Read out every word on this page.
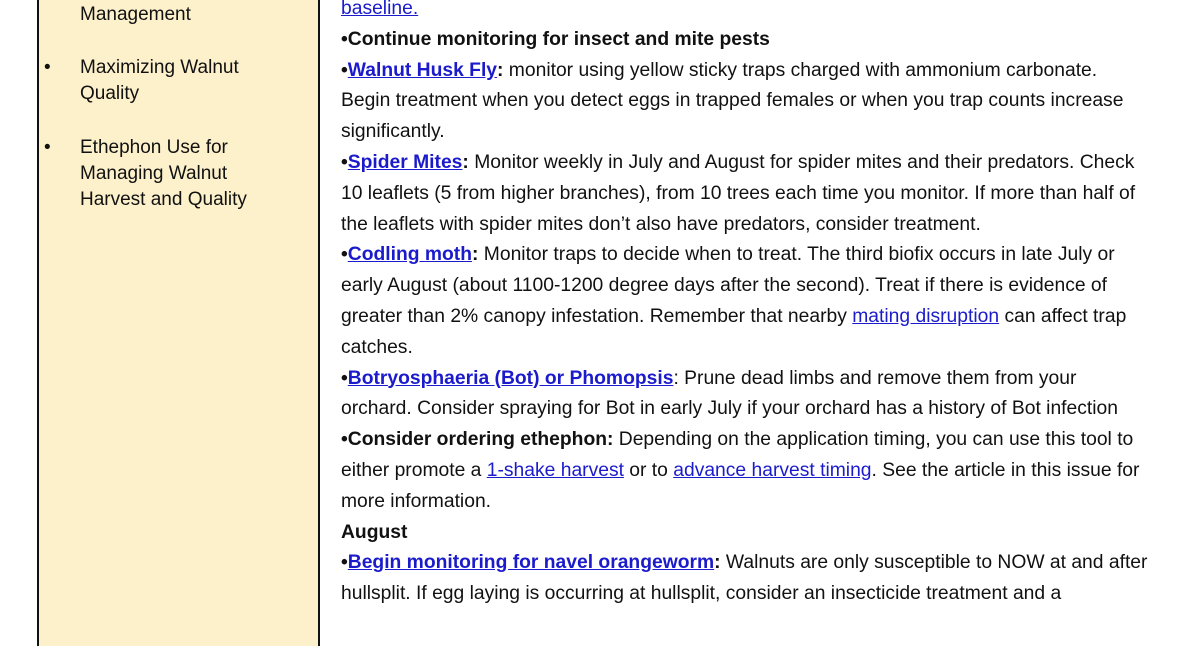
Management
• Maximizing Walnut Quality
• Ethephon Use for Managing Walnut Harvest and Quality

baseline.

•Continue monitoring for insect and mite pests

•Walnut Husk Fly: monitor using yellow sticky traps charged with ammonium carbonate. Begin treatment when you detect eggs in trapped females or when you trap counts increase significantly.

•Spider Mites: Monitor weekly in July and August for spider mites and their predators. Check 10 leaflets (5 from higher branches), from 10 trees each time you monitor. If more than half of the leaflets with spider mites don’t also have predators, consider treatment.

•Codling moth: Monitor traps to decide when to treat. The third biofix occurs in late July or early August (about 1100-1200 degree days after the second). Treat if there is evidence of greater than 2% canopy infestation. Remember that nearby mating disruption can affect trap catches.

•Botryosphaeria (Bot) or Phomopsis: Prune dead limbs and remove them from your orchard. Consider spraying for Bot in early July if your orchard has a history of Bot infection

•Consider ordering ethephon: Depending on the application timing, you can use this tool to either promote a 1-shake harvest or to advance harvest timing. See the article in this issue for more information.

August

•Begin monitoring for navel orangeworm: Walnuts are only susceptible to NOW at and after hullsplit. If egg laying is occurring at hullsplit, consider an insecticide treatment and a
